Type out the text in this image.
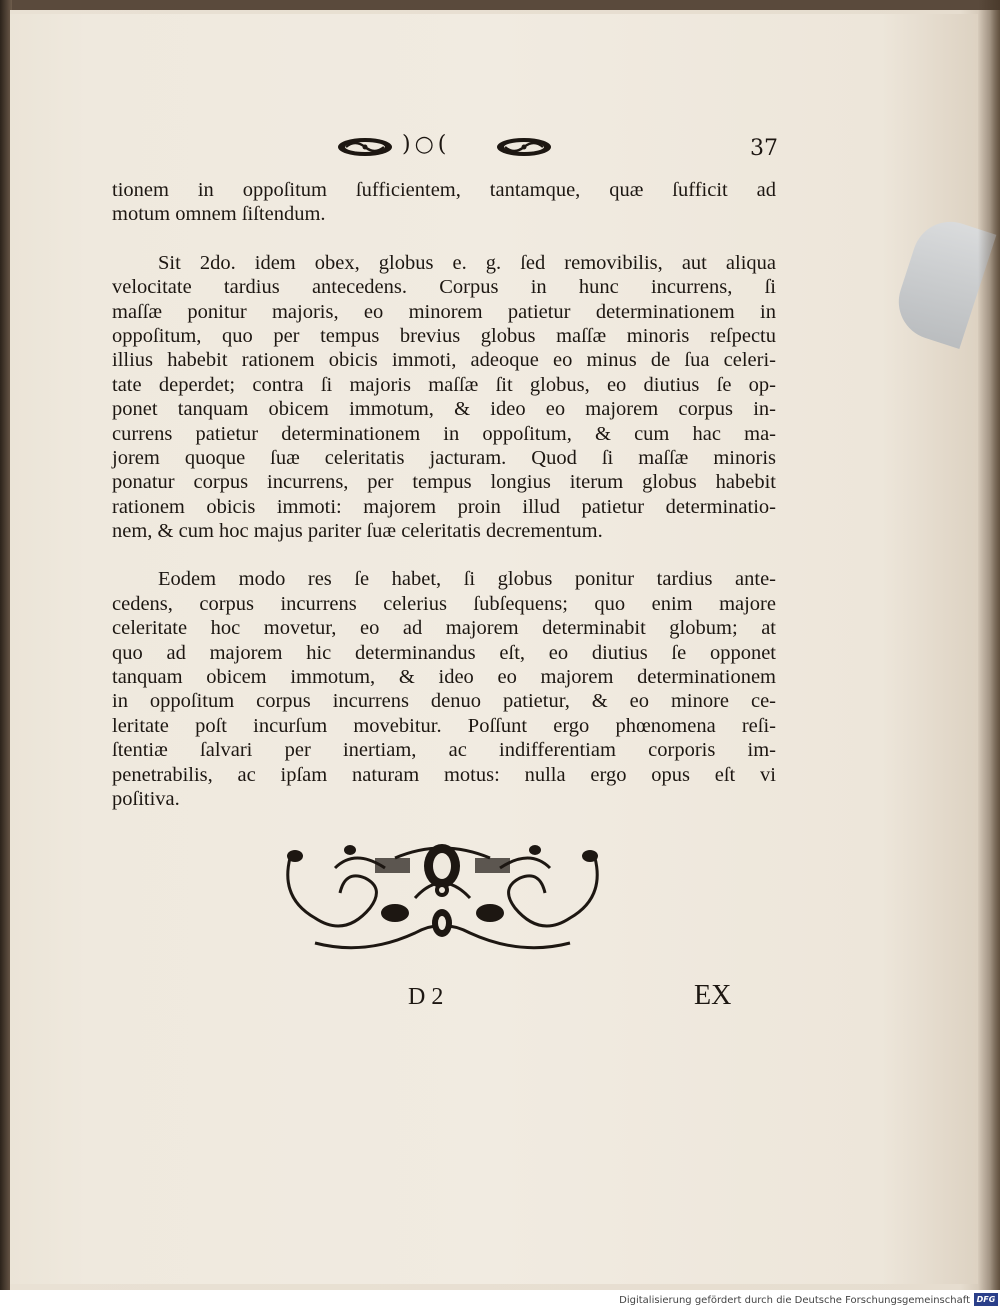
)○(	37
tionem in oppoſitum ſufficientem, tantamque, quæ ſufficit ad
motum omnem ſiſtendum.
Sit 2do. idem obex, globus e. g. ſed removibilis, aut aliqua
velocitate tardius antecedens. Corpus in hunc incurrens, ſi
maſſæ ponitur majoris, eo minorem patietur determinationem in
oppoſitum, quo per tempus brevius globus maſſæ minoris reſpectu
illius habebit rationem obicis immoti, adeoque eo minus de ſua celeri-
tate deperdet; contra ſi majoris maſſæ ſit globus, eo diutius ſe op-
ponet tanquam obicem immotum, & ideo eo majorem corpus in-
currens patietur determinationem in oppoſitum, & cum hac ma-
jorem quoque ſuæ celeritatis jacturam. Quod ſi maſſæ minoris
ponatur corpus incurrens, per tempus longius iterum globus habebit
rationem obicis immoti: majorem proin illud patietur determinatio-
nem, & cum hoc majus pariter ſuæ celeritatis decrementum.
Eodem modo res ſe habet, ſi globus ponitur tardius ante-
cedens, corpus incurrens celerius ſubſequens; quo enim majore
celeritate hoc movetur, eo ad majorem determinabit globum; at
quo ad majorem hic determinandus eſt, eo diutius ſe opponet
tanquam obicem immotum, & ideo eo majorem determinationem
in oppoſitum corpus incurrens denuo patietur, & eo minore ce-
leritate poſt incurſum movebitur. Poſſunt ergo phœnomena reſi-
ſtentiæ ſalvari per inertiam, ac indifferentiam corporis im-
penetrabilis, ac ipſam naturam motus: nulla ergo opus eſt vi
poſitiva.
D 2	EX
Digitalisierung gefördert durch die Deutsche Forschungsgemeinschaft DFG
